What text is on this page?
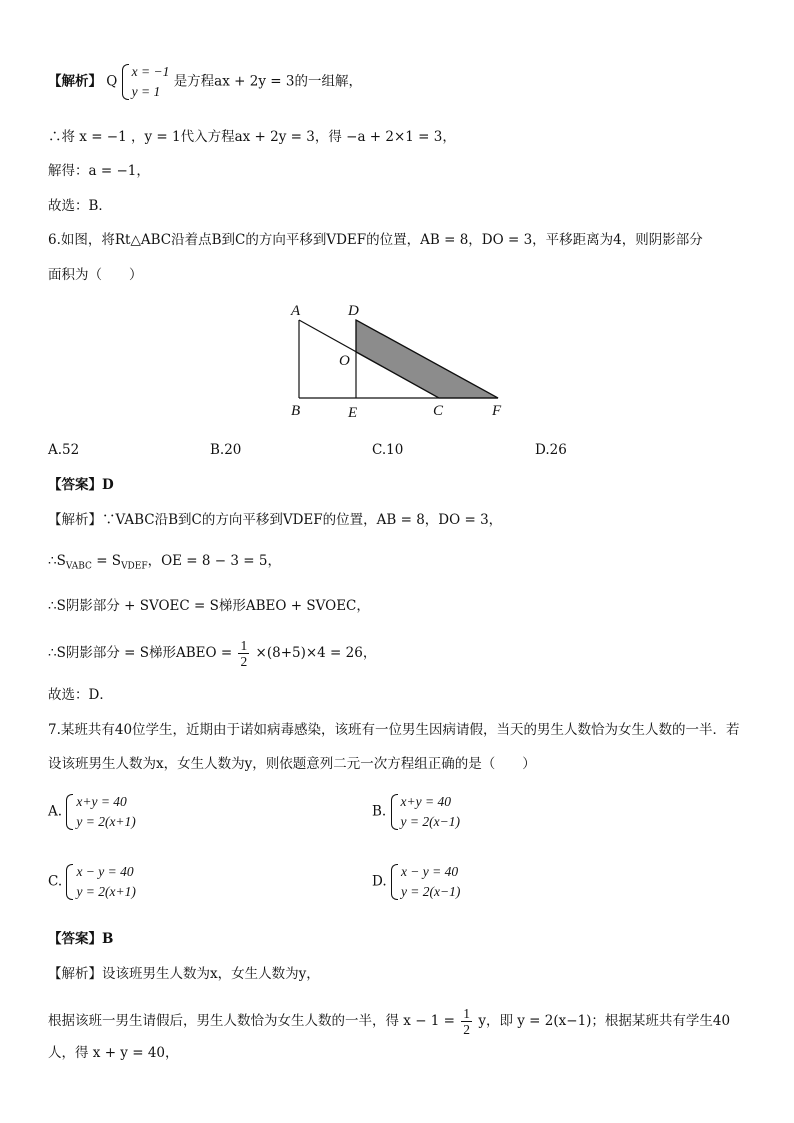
【解析】 Q
x = −1
y = 1
是方程ax + 2y = 3的一组解，
∴将 x = −1 ，y = 1代入方程ax + 2y = 3，得 −a + 2×1 = 3，
解得：a = −1，
故选：B．
6.如图，将Rt△ABC沿着点B到C的方向平移到VDEF的位置，AB = 8，DO = 3，平移距离为4，则阴影部分
面积为（　　）
A	D
O
B	E	C	F
A.52	B.20	C.10	D.26
【答案】D
【解析】∵VABC沿B到C的方向平移到VDEF的位置，AB = 8，DO = 3，
$\therefore S_{VABC} = S_{VDEF}$，OE = 8 − 3 = 5，
∴S阴影部分 + SVOEC = S梯形ABEO + SVOEC，
∴S阴影部分 = S梯形ABEO = $\frac{1}{2} \times(8+5)\times 4 = 26$，
故选：D．
7.某班共有40位学生，近期由于诺如病毒感染，该班有一位男生因病请假，当天的男生人数恰为女生人数的一半．若
设该班男生人数为x，女生人数为y，则依题意列二元一次方程组正确的是（　　）
A.
x+y = 40
y = 2(x+1)
B.
x+y = 40
y = 2(x−1)
C.
x − y = 40
y = 2(x+1)
D.
x − y = 40
y = 2(x−1)
【答案】B
【解析】设该班男生人数为x，女生人数为y，
根据该班一男生请假后，男生人数恰为女生人数的一半，得 $x - 1 = \frac{1}{2}$ y，即 y = 2(x−1)；根据某班共有学生40
人，得 x + y = 40，
